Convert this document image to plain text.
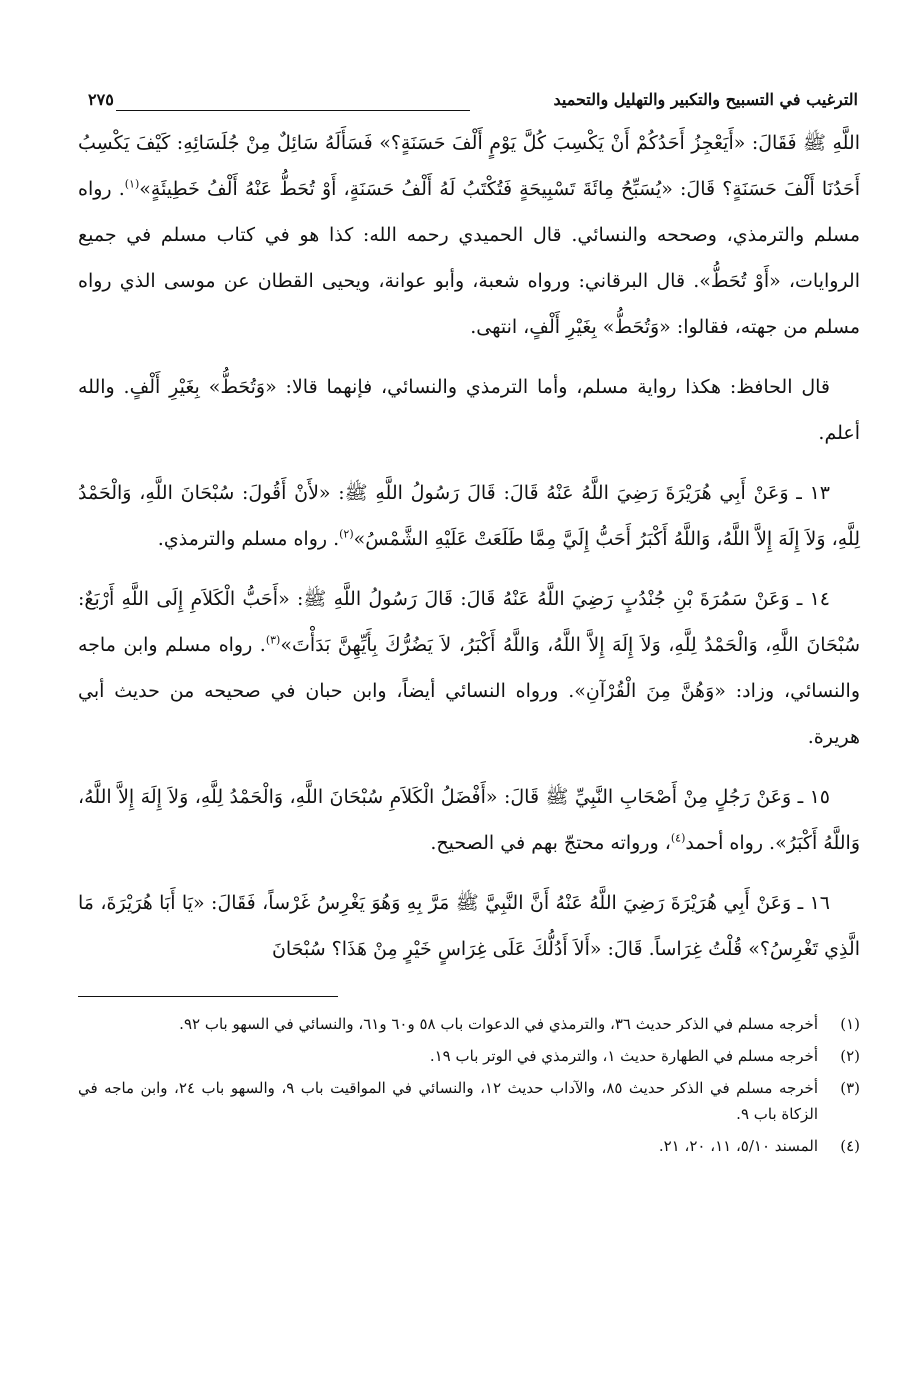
الترغيب في التسبيح والتكبير والتهليل والتحميد
٢٧٥

اللَّهِ ﷺ فَقَالَ: «أَيَعْجِزُ أَحَدُكُمْ أَنْ يَكْسِبَ كُلَّ يَوْمٍ أَلْفَ حَسَنَةٍ؟» فَسَأَلَهُ سَائِلٌ مِنْ جُلَسَائِهِ: كَيْفَ يَكْسِبُ أَحَدُنَا أَلْفَ حَسَنَةٍ؟ قَالَ: «يُسَبِّحُ مِائَةَ تَسْبِيحَةٍ فَتُكْتَبُ لَهُ أَلْفُ حَسَنَةٍ، أَوْ تُحَطُّ عَنْهُ أَلْفُ خَطِيئَةٍ»$^{(١)}$. رواه مسلم والترمذي، وصححه والنسائي. قال الحميدي رحمه الله: كذا هو في كتاب مسلم في جميع الروايات، «أَوْ تُحَطُّ». قال البرقاني: ورواه شعبة، وأبو عوانة، ويحيى القطان عن موسى الذي رواه مسلم من جهته، فقالوا: «وَتُحَطُّ» بِغَيْرِ أَلْفٍ، انتهى.

قال الحافظ: هكذا رواية مسلم، وأما الترمذي والنسائي، فإنهما قالا: «وَتُحَطُّ» بِغَيْرِ أَلْفٍ. والله أعلم.

١٣ ـ وَعَنْ أَبِي هُرَيْرَةَ رَضِيَ اللَّهُ عَنْهُ قَالَ: قَالَ رَسُولُ اللَّهِ ﷺ: «لأَنْ أَقُولَ: سُبْحَانَ اللَّهِ، وَالْحَمْدُ لِلَّهِ، وَلاَ إِلَهَ إِلاَّ اللَّهُ، وَاللَّهُ أَكْبَرُ أَحَبُّ إِلَيَّ مِمَّا طَلَعَتْ عَلَيْهِ الشَّمْسُ»$^{(٢)}$. رواه مسلم والترمذي.

١٤ ـ وَعَنْ سَمُرَةَ بْنِ جُنْدُبٍ رَضِيَ اللَّهُ عَنْهُ قَالَ: قَالَ رَسُولُ اللَّهِ ﷺ: «أَحَبُّ الْكَلاَمِ إِلَى اللَّهِ أَرْبَعٌ: سُبْحَانَ اللَّهِ، وَالْحَمْدُ لِلَّهِ، وَلاَ إِلَهَ إِلاَّ اللَّهُ، وَاللَّهُ أَكْبَرُ، لاَ يَضُرُّكَ بِأَيِّهِنَّ بَدَأْتَ»$^{(٣)}$. رواه مسلم وابن ماجه والنسائي، وزاد: «وَهُنَّ مِنَ الْقُرْآنِ». ورواه النسائي أيضاً، وابن حبان في صحيحه من حديث أبي هريرة.

١٥ ـ وَعَنْ رَجُلٍ مِنْ أَصْحَابِ النَّبِيِّ ﷺ قَالَ: «أَفْضَلُ الْكَلاَمِ سُبْحَانَ اللَّهِ، وَالْحَمْدُ لِلَّهِ، وَلاَ إِلَهَ إِلاَّ اللَّهُ، وَاللَّهُ أَكْبَرُ». رواه أحمد$^{(٤)}$، ورواته محتجّ بهم في الصحيح.

١٦ ـ وَعَنْ أَبِي هُرَيْرَةَ رَضِيَ اللَّهُ عَنْهُ أَنَّ النَّبِيَّ ﷺ مَرَّ بِهِ وَهُوَ يَغْرِسُ غَرْساً، فَقَالَ: «يَا أَبَا هُرَيْرَةَ، مَا الَّذِي تَغْرِسُ؟» قُلْتُ غِرَاساً. قَالَ: «أَلاَ أَدُلُّكَ عَلَى غِرَاسٍ خَيْرٍ مِنْ هَذَا؟ سُبْحَانَ

(١)
أخرجه مسلم في الذكر حديث ٣٦، والترمذي في الدعوات باب ٥٨ و٦٠ و٦١، والنسائي في السهو باب ٩٢.
(٢)
أخرجه مسلم في الطهارة حديث ١، والترمذي في الوتر باب ١٩.
(٣)
أخرجه مسلم في الذكر حديث ٨٥، والآداب حديث ١٢، والنسائي في المواقيت باب ٩، والسهو باب ٢٤، وابن ماجه في الزكاة باب ٩.
(٤)
المسند ٥/١٠، ١١، ٢٠، ٢١.
